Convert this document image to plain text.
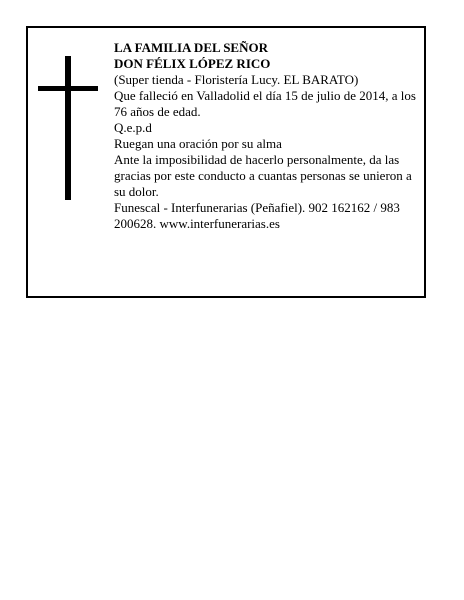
LA FAMILIA DEL SEÑOR

DON FÉLIX LÓPEZ RICO

(Super tienda - Floristería Lucy. EL BARATO)

Que falleció en Valladolid el día 15 de julio de 2014, a los 76 años de edad.

Q.e.p.d

Ruegan una oración por su alma

Ante la imposibilidad de hacerlo personalmente, da las gracias por este conducto a cuantas personas se unieron a su dolor.

Funescal - Interfunerarias (Peñafiel). 902 162162 / 983 200628. www.interfunerarias.es
